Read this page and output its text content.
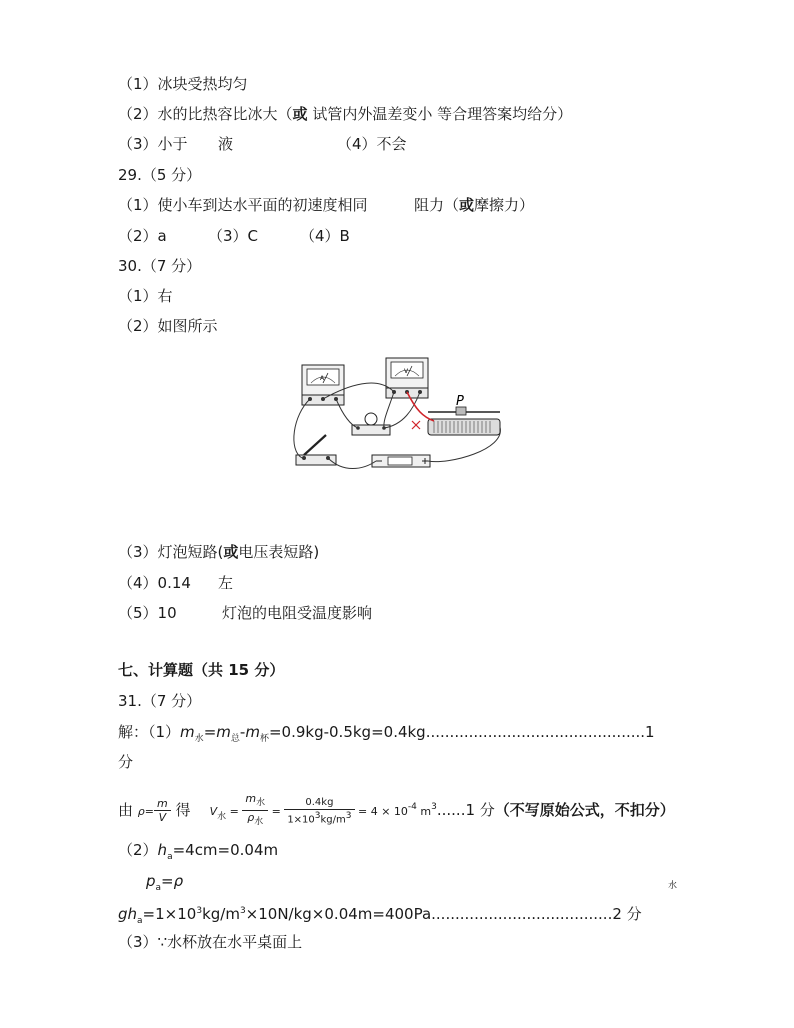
（1）冰块受热均匀
（2）水的比热容比冰大（或 试管内外温差变小 等合理答案均给分）
（3）小于 液	（4）不会
29.（5 分）
（1）使小车到达水平面的初速度相同	阻力（或摩擦力）
（2）a	（3）C	（4）B
30.（7 分）
（1）右
（2）如图所示
A
V
P
（3）灯泡短路(或电压表短路)
（4）0.14 左
（5）10	灯泡的电阻受温度影响
七、计算题（共 15 分）
31.（7 分）
解：$(1)m_水=m_总-m_杯=0.9kg-0.5kg=0.4kg..............................................1$
分
由 $\rho= \frac{m}{V}$ 得 $V_水 = \frac{m_水}{\rho_水} = \frac{0.4kg}{1\times 10^3kg/m^3} = 4 \times 10^{-4}$ $m^3......1$ 分（不写原始公式，不扣分）
$(2)h_a=4cm=0.04m$
$p_a=\rho$	水
$gh_a=1\times 10^3kg/m^3\times 10N/kg\times 0.04m=400Pa......................................2$ 分
（3）∵水杯放在水平桌面上
